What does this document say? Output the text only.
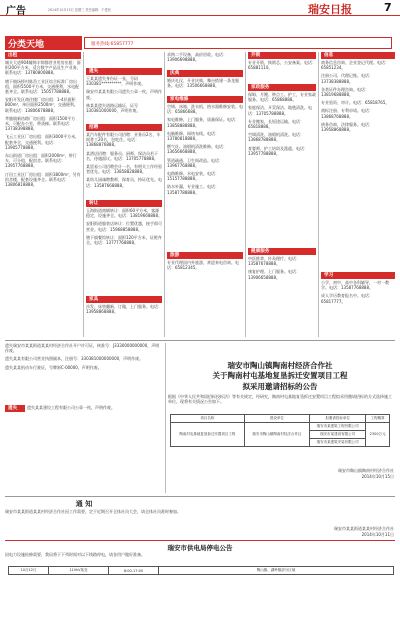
广告	2014年10月15日 星期三 责任编辑：于建民	瑞安日报	7
分类天地	服务热线:65857777
出租
城关大道904幢锦丰锦都营业用房出租：面积200平方米，适合数字产品及生产业务。联系电话：13780800888。
塘下镇场桥村陈岙工业区综合标准厂房出租，面积5500平方米，交通便利，水电配套齐全。联系电话：15057788888。
安阳开发区商住楼厂房出租：1-4层面积800m²，单层面积2500m²，交通便利。联系电话：13806678888。
莘塍镇新纺路厂房出租：面积1500平方米，可配办公室，带货梯。联系电话：13738398888。
飞云工业区厂房出租：面积3000平方米，配套齐全，交通便利。电话：13905778888。
东山街道厂房出租：面积2000m²，带行车，可分租，配宿舍。联系电话：13957768888。
汀田工业区厂房出租：面积3800m²，另有宿舍楼，配套设施齐全。联系电话：13806818888。
遗失
王某某遗失身份证一张，号码330381**********，声明作废。
瑞安市某某有限公司遗失公章一枚，声明作废。
林某某遗失道路运输证，证号330381000000，声明作废。
招聘
某汽车配件有限公司招聘：业务员2名，车间普工20名，包吃住。电话：13868876888。
某酒店招聘：服务员、厨师、保洁员若干名，待遇面议。电话：13705778888。
某贸易公司招聘会计一名，有相关工作经验者优先。电话：13858828888。
某幼儿园诚聘教师、保育员，持证优先。电话：13587668888。
转让
玉海街道商铺转让：面积60平方米，客源稳定，设施齐全。电话：13819668888。
安阳街道服装店转让：位置优越，接手即可营业。电话：15968858888。
塘下镇餐馆转让：面积120平方米，证照齐全。电话：13777768888。
家具
沙发、床垫翻新、订做，上门服务。电话：13958868888。
求购二手设备，高价回收。电话：13906698888。
庆典
婚庆礼仪、开业庆典、舞台搭建一条龙服务。电话：13506668888。
家电维修
空调、冰箱、洗衣机、热水器维修安装。电话：65866688。
家电维修，上门服务，质量保证。电话：13858888888。
电脑维修、网络布线。电话：13780818888。
燃气灶、油烟机清洗维修。电话：13656668888。
管道疏通、卫生间改造。电话：13967768888。
电路维修、水电安装。电话：15157788888。
防水补漏，专业施工。电话：13587788888。
旅游
专业代理国内外旅游，欢迎来电咨询。电话：65812345。
开锁
专业开锁，换锁芯，公安备案。电话：65881110。
家政服务
保姆、月嫂、钟点工、护工，专业家政服务。电话：65868888。
家庭保洁、开荒保洁、地毯清洗。电话：13705788888。
专业搬家，长短途运输。电话：65818888。
空调清洗、油烟机清洗。电话：13868788888。
育婴师、护工培训及派遣。电话：13957788888。
健康服务
中医推拿、针灸理疗。电话：13587678888。
康复护理、上门服务。电话：13906658888。
信息
商务信息咨询、企业登记代理。电话：65851234。
注册公司、代理记账。电话：13738388888。
各类证件办理咨询。电话：13819688888。
专业验资、审计。电话：65818765。
商标注册、专利申请。电话：13868768888。
债务咨询、法律服务。电话：13958868888。
学习
小学、初中、高中各科辅导，一对一教学。电话：13587768888。
成人学历教育报名中。电话：65817777。
遗失瑞安市某某街道某某村经济合作社开户许可证，核准号：J3330000000000，声明作废。
遗失某某有限公司营业执照副本，注册号：330381000000000，声明作废。
遗失某某机动车行驶证，号牌浙C·00000，声明作废。
遗失	遗失某某建设工程有限公司公章一枚，声明作废。
瑞安市陶山镇陶南村经济合作社
关于陶南村屯基地复垦拆迁安置项目工程
拟采用邀请招标的公告
根据《中华人民共和国招标投标法》等有关规定，经研究，陶南村屯基地复垦拆迁安置项目工程拟采用邀请招标的方式选择施工单位，现将有关情况公告如下。
项目名称	建设单位	拟邀请投标单位	工程概算
陶南村屯基地复垦拆迁安置项目工程	瑞安市陶山镇陶南村经济合作社	瑞安市某建筑工程有限公司	2300万元
		瑞安市某建设有限公司	
		瑞安市某建筑安装有限公司	
瑞安市陶山镇陶南村经济合作社
2014年10月15日
通 知
瑞安市某某街道某某村经济合作社因工作需要，定于近期召开全体社员大会，请全体社员准时参加。
瑞安市某某街道某某村经济合作社
2014年10月11日
瑞安市供电局停电公告
因电力设施检修需要，我局将于下列时间对以下线路停电，请各用户做好准备。
10月12日	110kV某变	8:00-17:00	陶山镇、湖岭镇部分区域
